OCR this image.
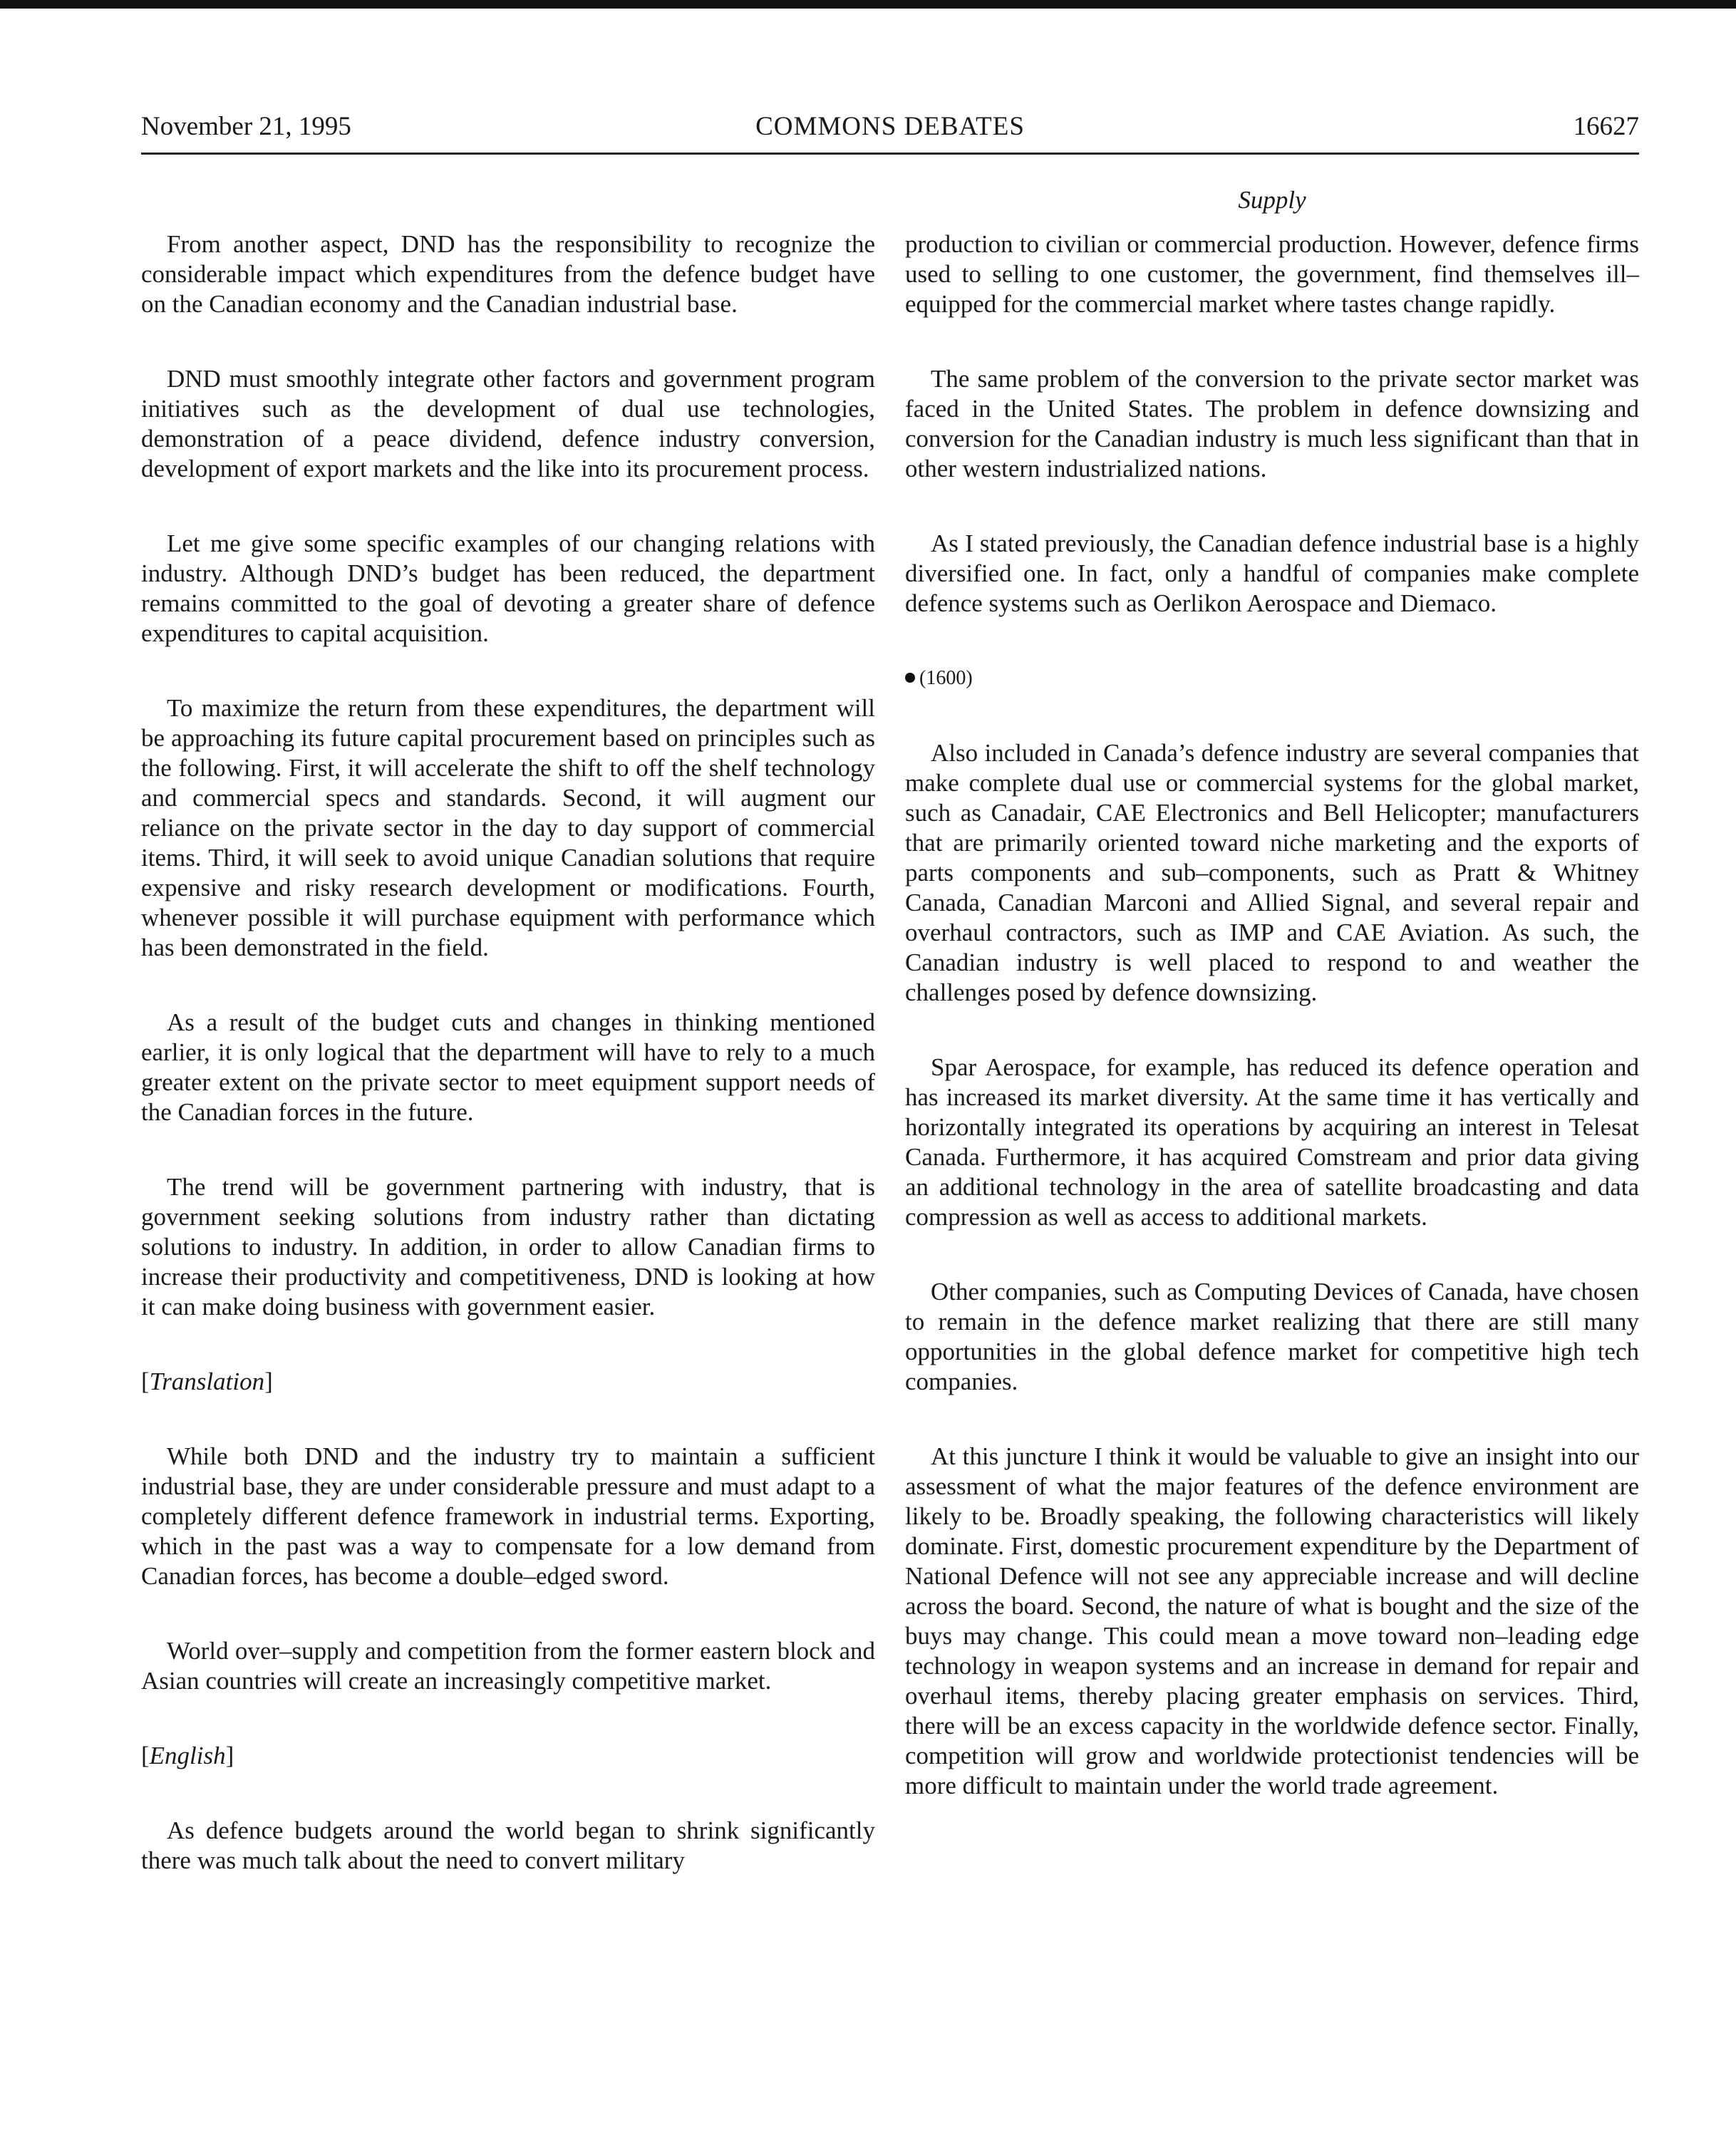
November 21, 1995	COMMONS DEBATES	16627
Supply

From another aspect, DND has the responsibility to recognize the considerable impact which expenditures from the defence budget have on the Canadian economy and the Canadian industrial base.

DND must smoothly integrate other factors and government program initiatives such as the development of dual use technologies, demonstration of a peace dividend, defence industry conversion, development of export markets and the like into its procurement process.

Let me give some specific examples of our changing relations with industry. Although DND’s budget has been reduced, the department remains committed to the goal of devoting a greater share of defence expenditures to capital acquisition.

To maximize the return from these expenditures, the department will be approaching its future capital procurement based on principles such as the following. First, it will accelerate the shift to off the shelf technology and commercial specs and standards. Second, it will augment our reliance on the private sector in the day to day support of commercial items. Third, it will seek to avoid unique Canadian solutions that require expensive and risky research development or modifications. Fourth, whenever possible it will purchase equipment with performance which has been demonstrated in the field.

As a result of the budget cuts and changes in thinking mentioned earlier, it is only logical that the department will have to rely to a much greater extent on the private sector to meet equipment support needs of the Canadian forces in the future.

The trend will be government partnering with industry, that is government seeking solutions from industry rather than dictating solutions to industry. In addition, in order to allow Canadian firms to increase their productivity and competitiveness, DND is looking at how it can make doing business with government easier.

[Translation]

While both DND and the industry try to maintain a sufficient industrial base, they are under considerable pressure and must adapt to a completely different defence framework in industrial terms. Exporting, which in the past was a way to compensate for a low demand from Canadian forces, has become a double–edged sword.

World over–supply and competition from the former eastern block and Asian countries will create an increasingly competitive market.

[English]

As defence budgets around the world began to shrink significantly there was much talk about the need to convert military

production to civilian or commercial production. However, defence firms used to selling to one customer, the government, find themselves ill–equipped for the commercial market where tastes change rapidly.

The same problem of the conversion to the private sector market was faced in the United States. The problem in defence downsizing and conversion for the Canadian industry is much less significant than that in other western industrialized nations.

As I stated previously, the Canadian defence industrial base is a highly diversified one. In fact, only a handful of companies make complete defence systems such as Oerlikon Aerospace and Diemaco.

(1600)

Also included in Canada’s defence industry are several companies that make complete dual use or commercial systems for the global market, such as Canadair, CAE Electronics and Bell Helicopter; manufacturers that are primarily oriented toward niche marketing and the exports of parts components and sub–components, such as Pratt & Whitney Canada, Canadian Marconi and Allied Signal, and several repair and overhaul contractors, such as IMP and CAE Aviation. As such, the Canadian industry is well placed to respond to and weather the challenges posed by defence downsizing.

Spar Aerospace, for example, has reduced its defence operation and has increased its market diversity. At the same time it has vertically and horizontally integrated its operations by acquiring an interest in Telesat Canada. Furthermore, it has acquired Comstream and prior data giving an additional technology in the area of satellite broadcasting and data compression as well as access to additional markets.

Other companies, such as Computing Devices of Canada, have chosen to remain in the defence market realizing that there are still many opportunities in the global defence market for competitive high tech companies.

At this juncture I think it would be valuable to give an insight into our assessment of what the major features of the defence environment are likely to be. Broadly speaking, the following characteristics will likely dominate. First, domestic procurement expenditure by the Department of National Defence will not see any appreciable increase and will decline across the board. Second, the nature of what is bought and the size of the buys may change. This could mean a move toward non–leading edge technology in weapon systems and an increase in demand for repair and overhaul items, thereby placing greater emphasis on services. Third, there will be an excess capacity in the worldwide defence sector. Finally, competition will grow and worldwide protectionist tendencies will be more difficult to maintain under the world trade agreement.
